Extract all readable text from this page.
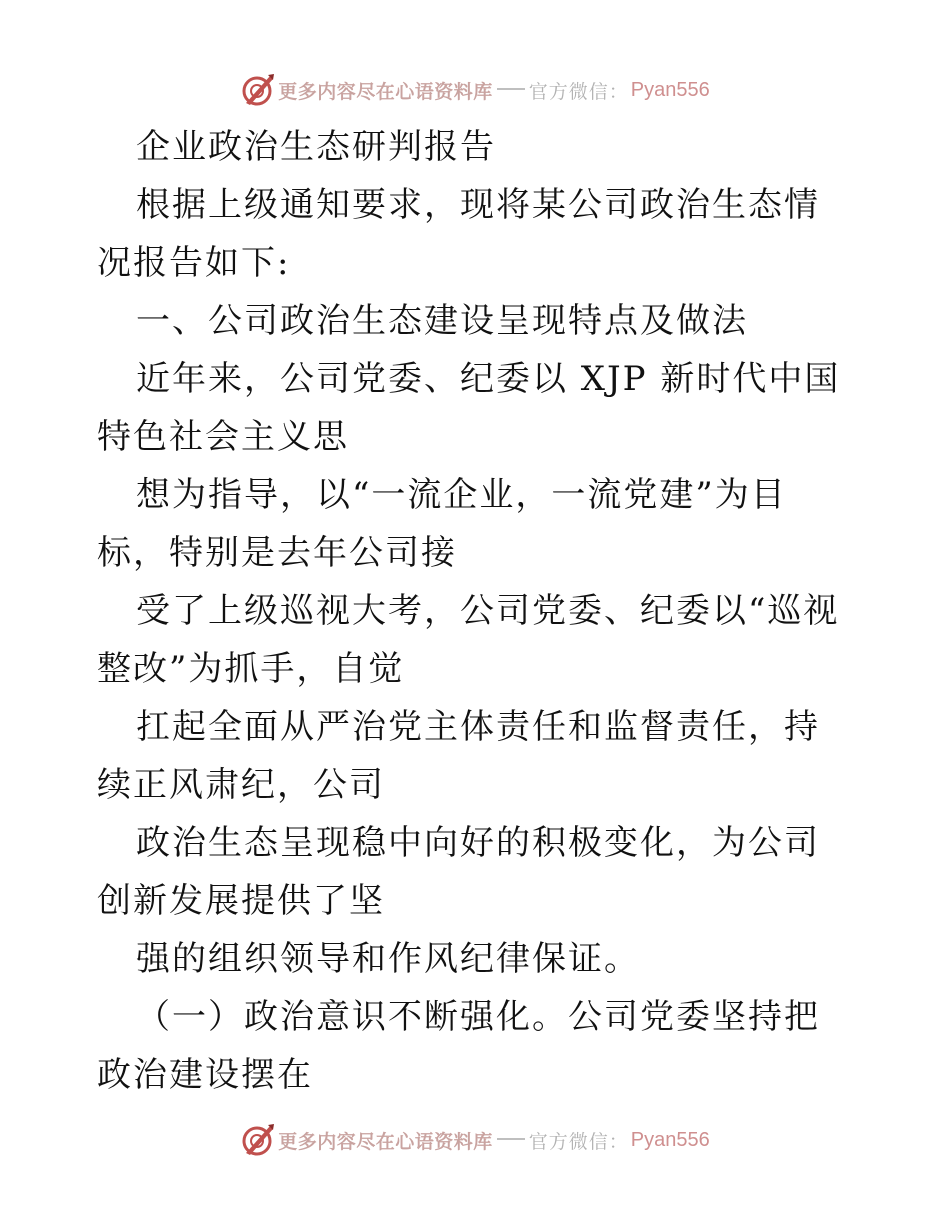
更多内容尽在心语资料库 官方微信： Pyan556

企业政治生态研判报告

根据上级通知要求，现将某公司政治生态情况报告如下:

一、公司政治生态建设呈现特点及做法

近年来，公司党委、纪委以 XJP 新时代中国特色社会主义思

想为指导，以“一流企业，一流党建”为目标，特别是去年公司接

受了上级巡视大考，公司党委、纪委以“巡视整改”为抓手，自觉

扛起全面从严治党主体责任和监督责任，持续正风肃纪，公司

政治生态呈现稳中向好的积极变化，为公司创新发展提供了坚

强的组织领导和作风纪律保证。

（一）政治意识不断强化。公司党委坚持把政治建设摆在

更多内容尽在心语资料库 官方微信： Pyan556
